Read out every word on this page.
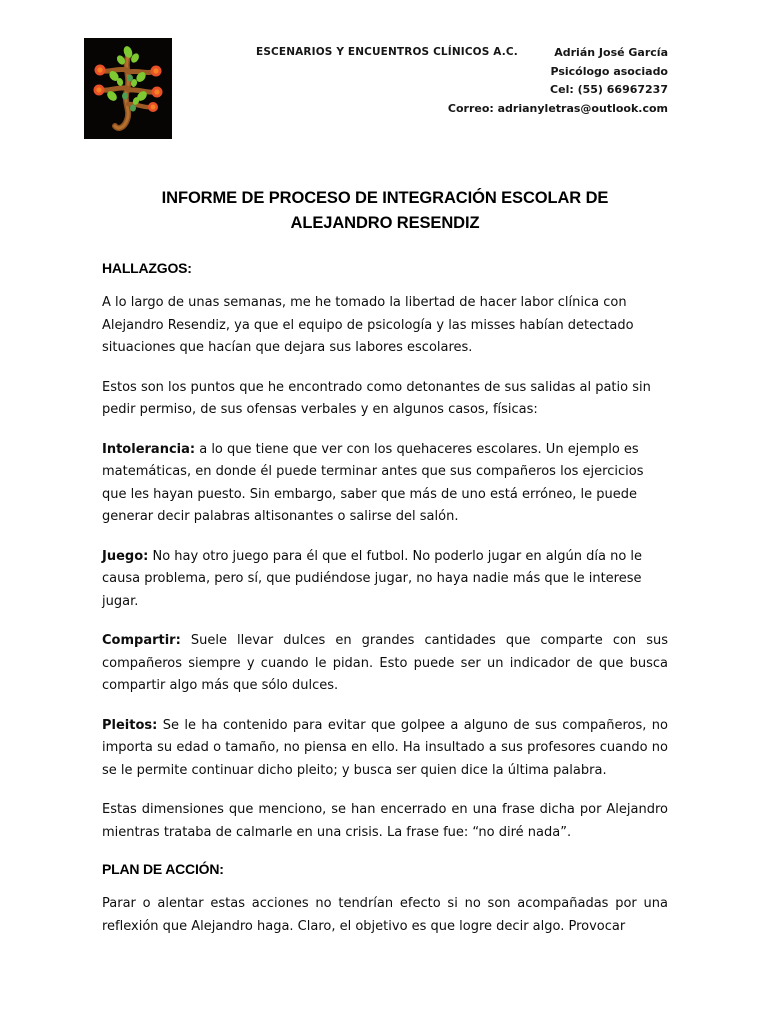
ESCENARIOS Y ENCUENTROS CLÍNICOS A.C.	Adrián José García
Psicólogo asociado
Cel: (55) 66967237
Correo: adrianyletras@outlook.com
INFORME DE PROCESO DE INTEGRACIÓN ESCOLAR DE
ALEJANDRO RESENDIZ
HALLAZGOS:

A lo largo de unas semanas, me he tomado la libertad de hacer labor clínica con Alejandro Resendiz, ya que el equipo de psicología y las misses habían detectado situaciones que hacían que dejara sus labores escolares.

Estos son los puntos que he encontrado como detonantes de sus salidas al patio sin pedir permiso, de sus ofensas verbales y en algunos casos, físicas:

Intolerancia: a lo que tiene que ver con los quehaceres escolares. Un ejemplo es matemáticas, en donde él puede terminar antes que sus compañeros los ejercicios que les hayan puesto. Sin embargo, saber que más de uno está erróneo, le puede generar decir palabras altisonantes o salirse del salón.

Juego: No hay otro juego para él que el futbol. No poderlo jugar en algún día no le causa problema, pero sí, que pudiéndose jugar, no haya nadie más que le interese jugar.

Compartir: Suele llevar dulces en grandes cantidades que comparte con sus compañeros siempre y cuando le pidan. Esto puede ser un indicador de que busca compartir algo más que sólo dulces.

Pleitos: Se le ha contenido para evitar que golpee a alguno de sus compañeros, no importa su edad o tamaño, no piensa en ello. Ha insultado a sus profesores cuando no se le permite continuar dicho pleito; y busca ser quien dice la última palabra.

Estas dimensiones que menciono, se han encerrado en una frase dicha por Alejandro mientras trataba de calmarle en una crisis. La frase fue: “no diré nada”.

PLAN DE ACCIÓN:

Parar o alentar estas acciones no tendrían efecto si no son acompañadas por una reflexión que Alejandro haga. Claro, el objetivo es que logre decir algo. Provocar
